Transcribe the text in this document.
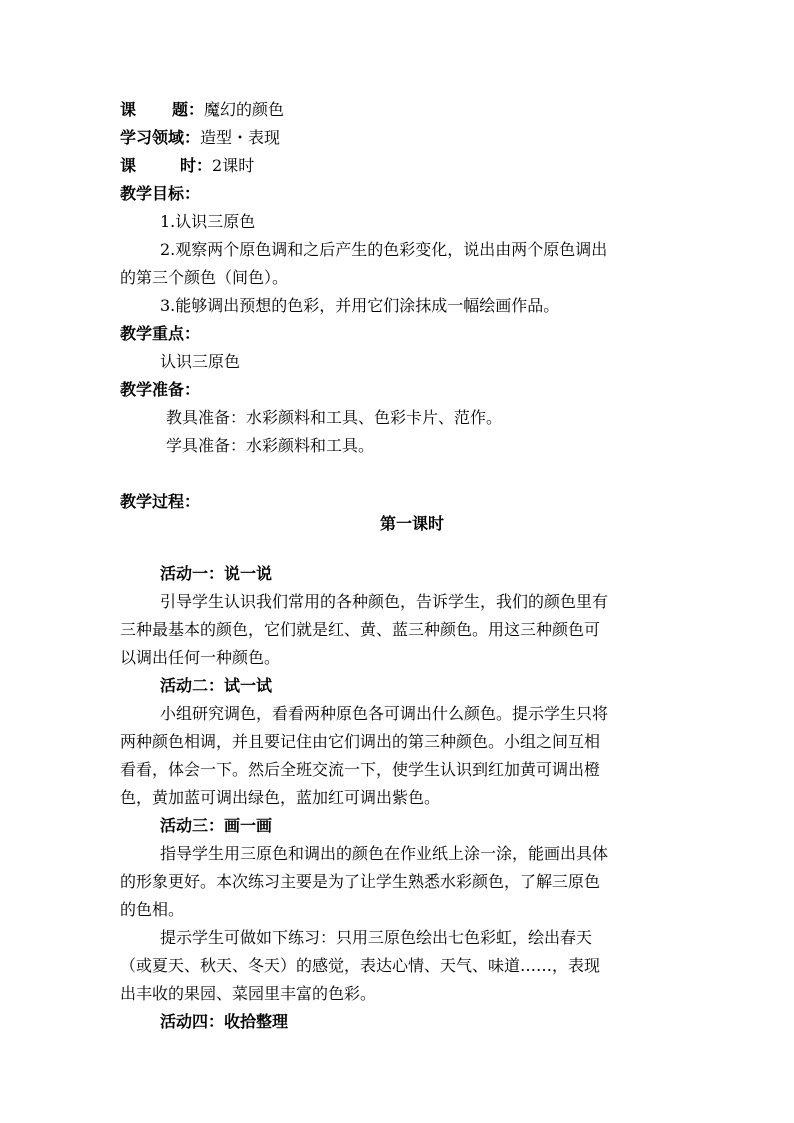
课 题：魔幻的颜色
学习领域：造型・表现
课	时：2课时
教学目标：
1.认识三原色
2.观察两个原色调和之后产生的色彩变化，说出由两个原色调出
的第三个颜色（间色）。
3.能够调出预想的色彩，并用它们涂抹成一幅绘画作品。
教学重点：
认识三原色
教学准备：
教具准备：水彩颜料和工具、色彩卡片、范作。
学具准备：水彩颜料和工具。
教学过程：
第一课时
活动一：说一说
引导学生认识我们常用的各种颜色，告诉学生，我们的颜色里有
三种最基本的颜色，它们就是红、黄、蓝三种颜色。用这三种颜色可
以调出任何一种颜色。
活动二：试一试
小组研究调色，看看两种原色各可调出什么颜色。提示学生只将
两种颜色相调，并且要记住由它们调出的第三种颜色。小组之间互相
看看，体会一下。然后全班交流一下，使学生认识到红加黄可调出橙
色，黄加蓝可调出绿色，蓝加红可调出紫色。
活动三：画一画
指导学生用三原色和调出的颜色在作业纸上涂一涂，能画出具体
的形象更好。本次练习主要是为了让学生熟悉水彩颜色，了解三原色
的色相。
提示学生可做如下练习：只用三原色绘出七色彩虹，绘出春天
（或夏天、秋天、冬天）的感觉，表达心情、天气、味道……，表现
出丰收的果园、菜园里丰富的色彩。
活动四：收拾整理
